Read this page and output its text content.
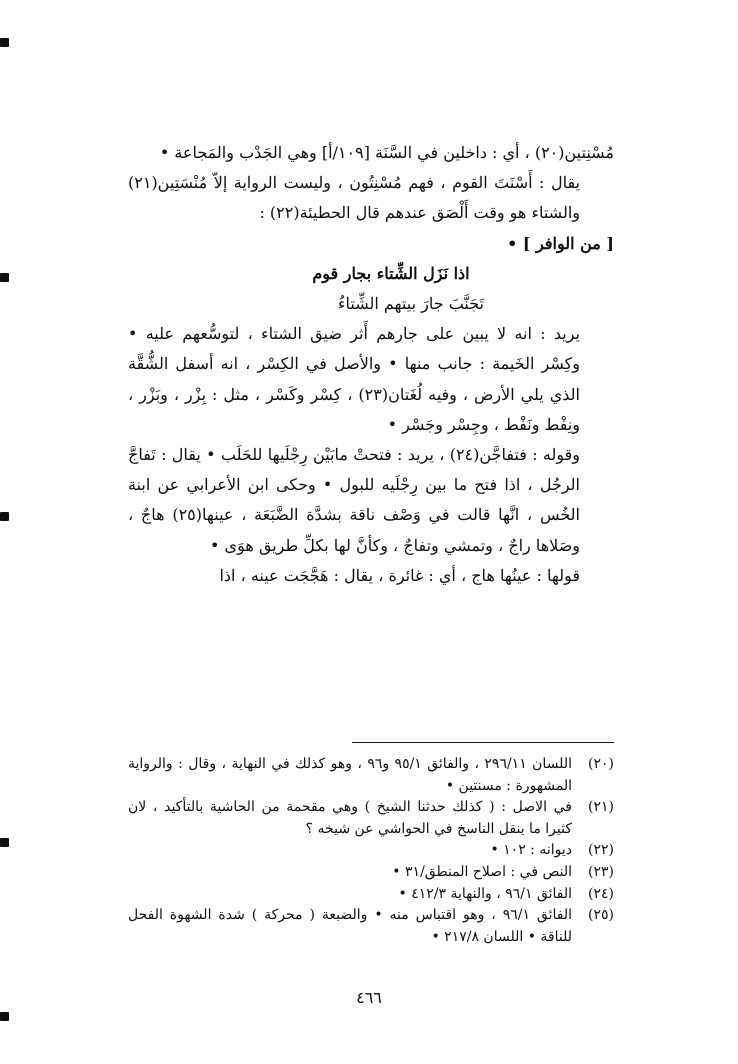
مُسْنِتين(٢٠) ، أي : داخلين في السَّنَة [١٠٩/أ] وهي الجَدْب والمَجاعة •

يقال : أَسْنَتَ القوم ، فهم مُسْنِتُون ، وليست الرواية إلاّ مُنْسَتِين(٢١) والشتاء هو وقت أَلْصَق عندهم قال الحطيئة(٢٢) :

[ من الوافر ] •

اذا نَزَل الشِّتاء بجار قوم

تَجَنَّبَ جارَ بيتهم الشِّتاءُ

يريد : انه لا يبين على جارهم أَثر ضيق الشتاء ، لتوسُّعهم عليه • وكِسْر الخَيمة : جانب منها • والأصل في الكِسْر ، انه أسفل الشُّقَّة الذي يلي الأرض ، وفيه لُغَتان(٢٣) ، كِسْر وكَسْر ، مثل : بِزْر ، وبَزْر ، ونِفْط ونَفْط ، وجِسْر وجَسْر •

وقوله : فتفاجَّن(٢٤) ، يريد : فتحتْ مابَيْن رِجْلَيها للحَلَب • يقال : تَفاجَّ الرجُل ، اذا فتح ما بين رِجْلَيه للبول • وحكى ابن الأعرابي عن ابنة الخُس ، انَّها قالت في وَصْف ناقة بشدَّة الضَّبَعَة ، عينها(٢٥) هاجٌ ، وصَلاها راجٌ ، وتمشي وتفاجٌ ، وكأنَّ لها بكلِّ طريق هوَى •

قولها : عينُها هاج ، أي : غائرة ، يقال : هَجَّجَت عينه ، اذا

(٢٠)
اللسان ٢٩٦/١١ ، والفائق ٩٥/١ و٩٦ ، وهو كذلك في النهاية ، وقال : والرواية المشهورة : مسنتين •
(٢١)
في الاصل : ( كذلك حدثنا الشيخ ) وهي مقحمة من الحاشية بالتأكيد ، لان كثيرا ما ينقل الناسخ في الحواشي عن شيخه ؟
(٢٢)
ديوانه : ١٠٢ •
(٢٣)
النص في : اصلاح المنطق/٣١ •
(٢٤)
الفائق ٩٦/١ ، والنهاية ٤١٢/٣ •
(٢٥)
الفائق ٩٦/١ ، وهو اقتباس منه • والضبعة ( محركة ) شدة الشهوة الفحل للناقة • اللسان ٢١٧/٨ •
٤٦٦
